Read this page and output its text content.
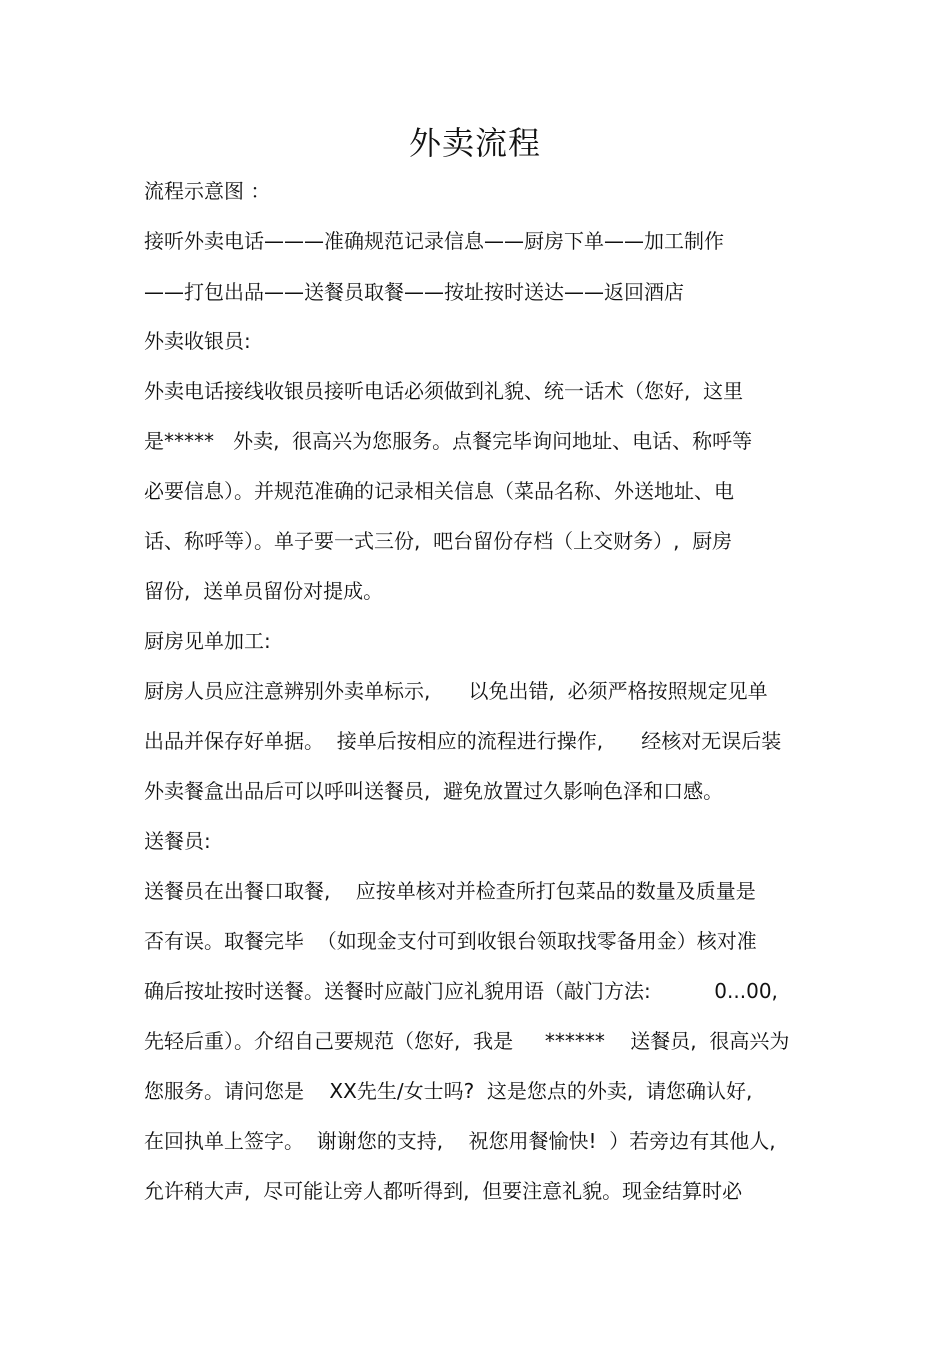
外卖流程
流程示意图 ：
接听外卖电话———准确规范记录信息——厨房下单——加工制作
——打包出品——送餐员取餐——按址按时送达——返回酒店
外卖收银员:
外卖电话接线收银员接听电话必须做到礼貌、统一话术（您好,  这里
是*****   外卖,  很高兴为您服务。点餐完毕询问地址、电话、称呼等
必要信息）。并规范准确的记录相关信息（菜品名称、外送地址、电
话、称呼等）。单子要一式三份,  吧台留份存档（上交财务）,  厨房
留份,  送单员留份对提成。
厨房见单加工:
厨房人员应注意辨别外卖单标示,      以免出错,  必须严格按照规定见单
出品并保存好单据。  接单后按相应的流程进行操作,      经核对无误后装
外卖餐盒出品后可以呼叫送餐员,  避免放置过久影响色泽和口感。
送餐员:
送餐员在出餐口取餐,    应按单核对并检查所打包菜品的数量及质量是
否有误。取餐完毕  （如现金支付可到收银台领取找零备用金）核对准
确后按址按时送餐。送餐时应敲门应礼貌用语（敲门方法:          0...00,
先轻后重）。介绍自己要规范（您好,  我是     ******    送餐员,  很高兴为
您服务。请问您是    XX先生/女士吗?  这是您点的外卖,  请您确认好,
在回执单上签字。  谢谢您的支持,    祝您用餐愉快!  ）若旁边有其他人,
允许稍大声,  尽可能让旁人都听得到,  但要注意礼貌。现金结算时必
